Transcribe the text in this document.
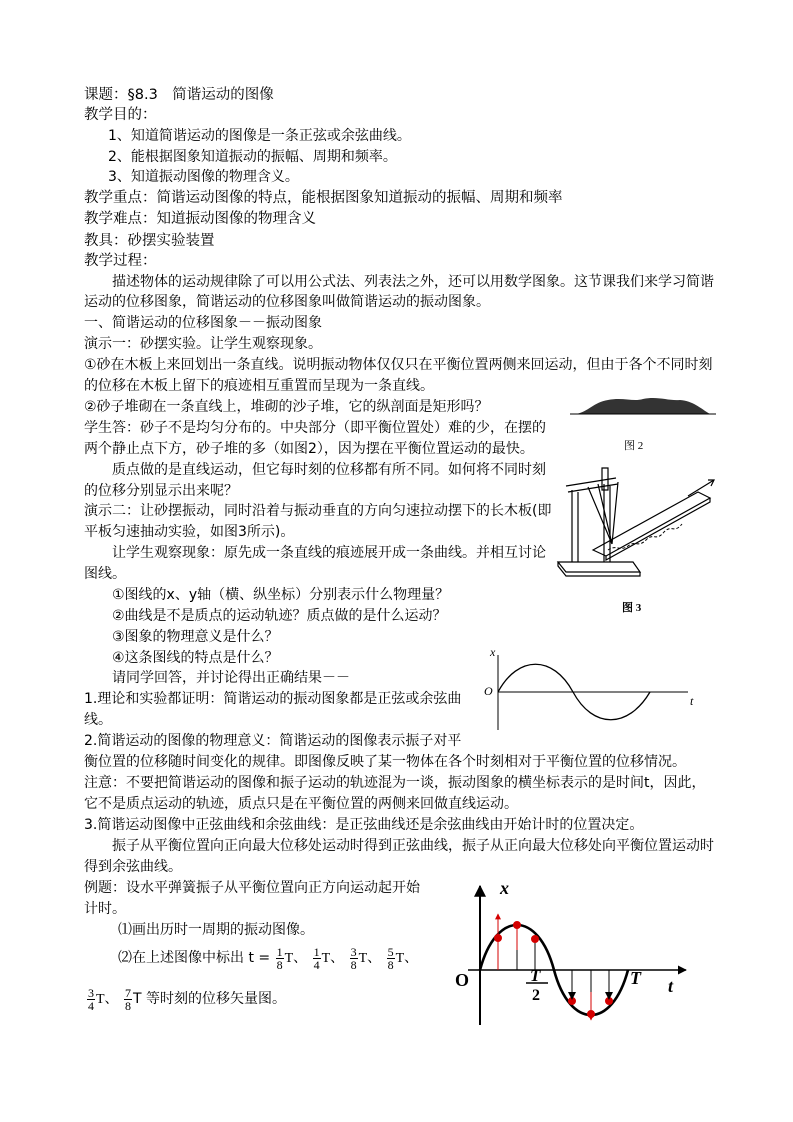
课题：§8.3　简谐运动的图像
教学目的：
1、知道简谐运动的图像是一条正弦或余弦曲线。
2、能根据图象知道振动的振幅、周期和频率。
3、知道振动图像的物理含义。
教学重点：简谐运动图像的特点，能根据图象知道振动的振幅、周期和频率
教学难点：知道振动图像的物理含义
教具：砂摆实验装置
教学过程：
描述物体的运动规律除了可以用公式法、列表法之外，还可以用数学图象。这节课我们来学习简谐
运动的位移图象，简谐运动的位移图象叫做简谐运动的振动图象。
一、简谐运动的位移图象－－振动图象
演示一：砂摆实验。让学生观察现象。
①砂在木板上来回划出一条直线。说明振动物体仅仅只在平衡位置两侧来回运动，但由于各个不同时刻
的位移在木板上留下的痕迹相互重置而呈现为一条直线。
②砂子堆砌在一条直线上，堆砌的沙子堆，它的纵剖面是矩形吗？
学生答：砂子不是均匀分布的。中央部分（即平衡位置处）难的少，在摆的
两个静止点下方，砂子堆的多（如图2），因为摆在平衡位置运动的最快。
质点做的是直线运动，但它每时刻的位移都有所不同。如何将不同时刻
的位移分别显示出来呢？
演示二：让砂摆振动，同时沿着与振动垂直的方向匀速拉动摆下的长木板(即
平板匀速抽动实验，如图3所示)。
让学生观察现象：原先成一条直线的痕迹展开成一条曲线。并相互讨论
图线。
①图线的x、y轴（横、纵坐标）分别表示什么物理量？
②曲线是不是质点的运动轨迹？质点做的是什么运动？
③图象的物理意义是什么？
④这条图线的特点是什么？
请同学回答，并讨论得出正确结果－－
1.理论和实验都证明：简谐运动的振动图象都是正弦或余弦曲
线。
2.简谐运动的图像的物理意义：简谐运动的图像表示振子对平
衡位置的位移随时间变化的规律。即图像反映了某一物体在各个时刻相对于平衡位置的位移情况。
注意：不要把简谐运动的图像和振子运动的轨迹混为一谈，振动图象的横坐标表示的是时间t，因此，
它不是质点运动的轨迹，质点只是在平衡位置的两侧来回做直线运动。
3.简谐运动图像中正弦曲线和余弦曲线：是正弦曲线还是余弦曲线由开始计时的位置决定。
振子从平衡位置向正向最大位移处运动时得到正弦曲线，振子从正向最大位移处向平衡位置运动时
得到余弦曲线。
例题：设水平弹簧振子从平衡位置向正方向运动起开始
计时。
⑴画出历时一周期的振动图像。
⑵在上述图像中标出 $t = \frac{1}{8}$ T、 $\frac{1}{4}$ T、 $\frac{3}{8}$ T、 $\frac{5}{8}$ T、
$\frac{3}{4}$ T、 $\frac{7}{8}$ T 等时刻的位移矢量图。
图 2
图 3
x
O
t
x
O	T
2
T t
